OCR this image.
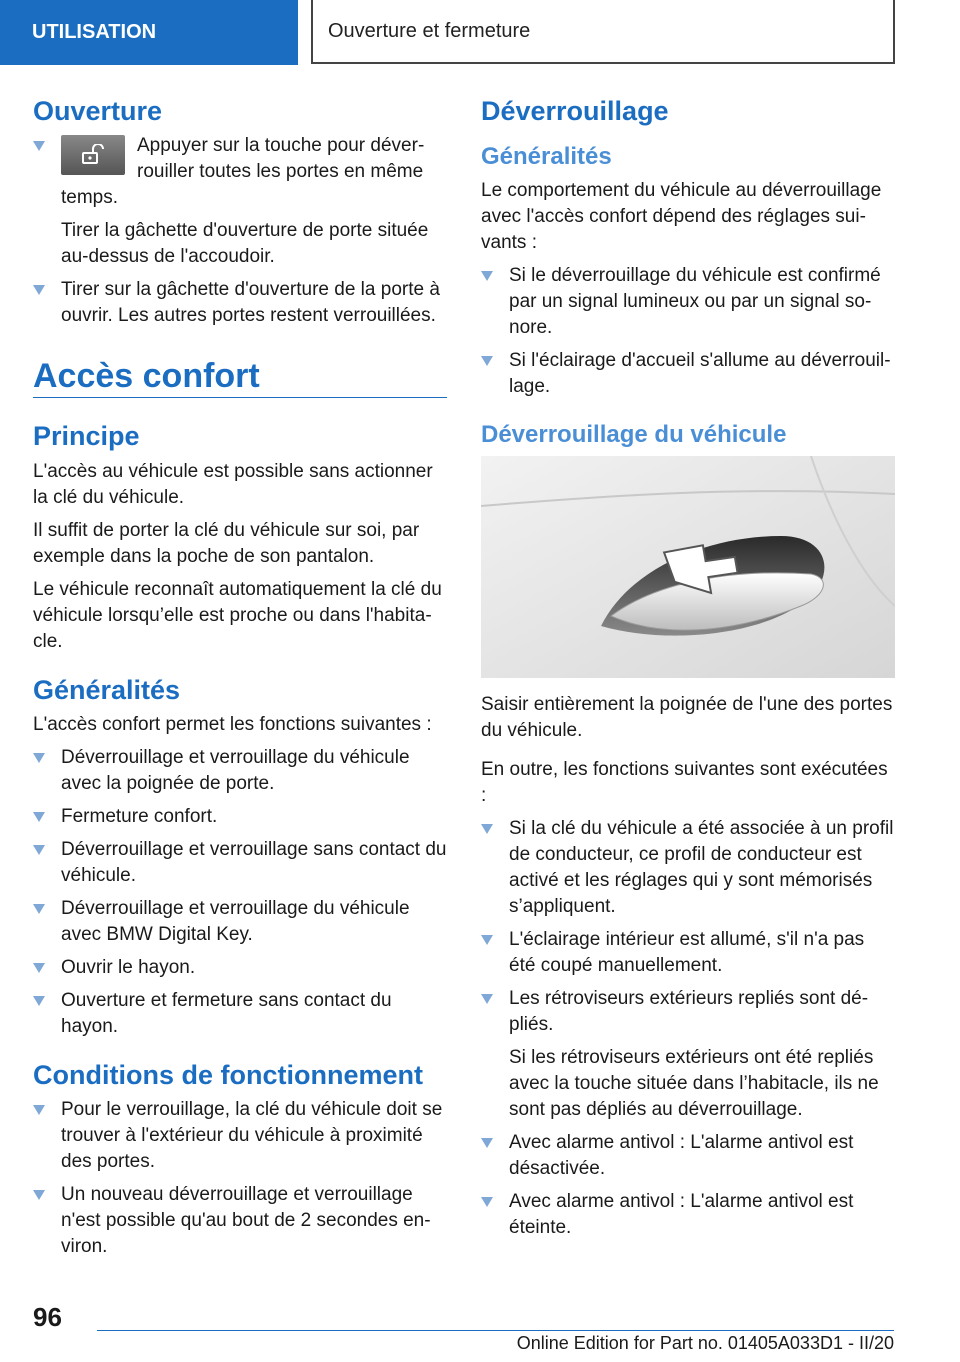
UTILISATION	Ouverture et fermeture
Ouverture
Appuyer sur la touche pour déverrouiller toutes les portes en même temps.

Tirer la gâchette d'ouverture de porte située au-dessus de l'accoudoir.

Tirer sur la gâchette d'ouverture de la porte à ouvrir. Les autres portes restent verrouillées.
Accès confort
Principe

L'accès au véhicule est possible sans actionner la clé du véhicule.

Il suffit de porter la clé du véhicule sur soi, par exemple dans la poche de son pantalon.

Le véhicule reconnaît automatiquement la clé du véhicule lorsqu’elle est proche ou dans l'habitacle.

Généralités

L'accès confort permet les fonctions suivantes :

Déverrouillage et verrouillage du véhicule avec la poignée de porte.
Fermeture confort.
Déverrouillage et verrouillage sans contact du véhicule.
Déverrouillage et verrouillage du véhicule avec BMW Digital Key.
Ouvrir le hayon.
Ouverture et fermeture sans contact du hayon.
Conditions de fonctionnement
Pour le verrouillage, la clé du véhicule doit se trouver à l'extérieur du véhicule à proximité des portes.
Un nouveau déverrouillage et verrouillage n'est possible qu'au bout de 2 secondes environ.
Déverrouillage
Généralités

Le comportement du véhicule au déverrouillage avec l'accès confort dépend des réglages suivants :

Si le déverrouillage du véhicule est confirmé par un signal lumineux ou par un signal sonore.
Si l'éclairage d'accueil s'allume au déverrouillage.
Déverrouillage du véhicule

Saisir entièrement la poignée de l'une des portes du véhicule.

En outre, les fonctions suivantes sont exécutées :

Si la clé du véhicule a été associée à un profil de conducteur, ce profil de conducteur est activé et les réglages qui y sont mémorisés s’appliquent.
L'éclairage intérieur est allumé, s'il n'a pas été coupé manuellement.
Les rétroviseurs extérieurs repliés sont dépliés.

Si les rétroviseurs extérieurs ont été repliés avec la touche située dans l’habitacle, ils ne sont pas dépliés au déverrouillage.

Avec alarme antivol : L'alarme antivol est désactivée.
Avec alarme antivol : L'alarme antivol est éteinte.
96
Online Edition for Part no. 01405A033D1 - II/20
